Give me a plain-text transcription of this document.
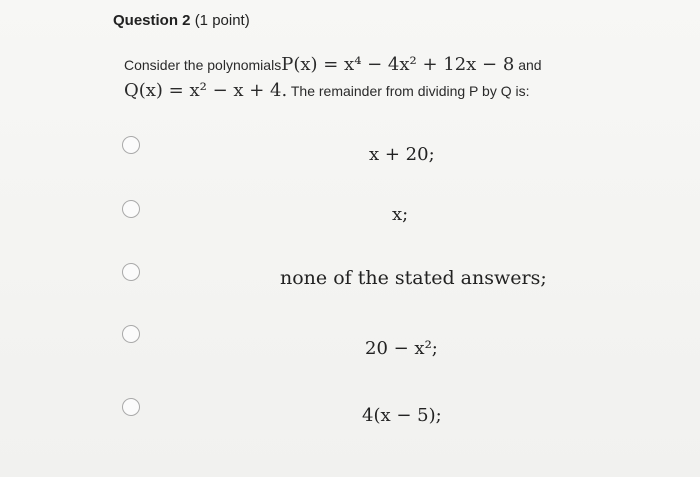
Question 2 (1 point)
Consider the polynomialsP(x) = x⁴ − 4x² + 12x − 8 and
Q(x) = x² − x + 4. The remainder from dividing P by Q is:
x + 20;
x;
none of the stated answers;
20 − x²;
4(x − 5);
